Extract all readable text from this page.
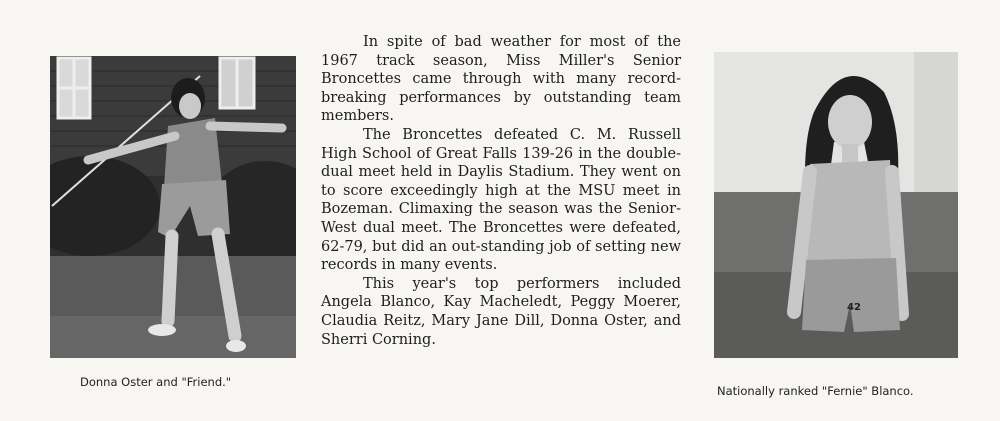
Donna Oster and "Friend."

In spite of bad weather for most of the 1967 track season, Miss Miller's Senior Broncettes came through with many record-breaking performances by outstanding team members.

The Broncettes defeated C. M. Russell High School of Great Falls 139-26 in the double-dual meet held in Daylis Stadium. They went on to score exceedingly high at the MSU meet in Bozeman. Climaxing the season was the Senior-West dual meet. The Broncettes were defeated, 62-79, but did an out-standing job of setting new records in many events.

This year's top performers included Angela Blanco, Kay Macheledt, Peggy Moerer, Claudia Reitz, Mary Jane Dill, Donna Oster, and Sherri Corning.

42
Nationally ranked "Fernie" Blanco.
